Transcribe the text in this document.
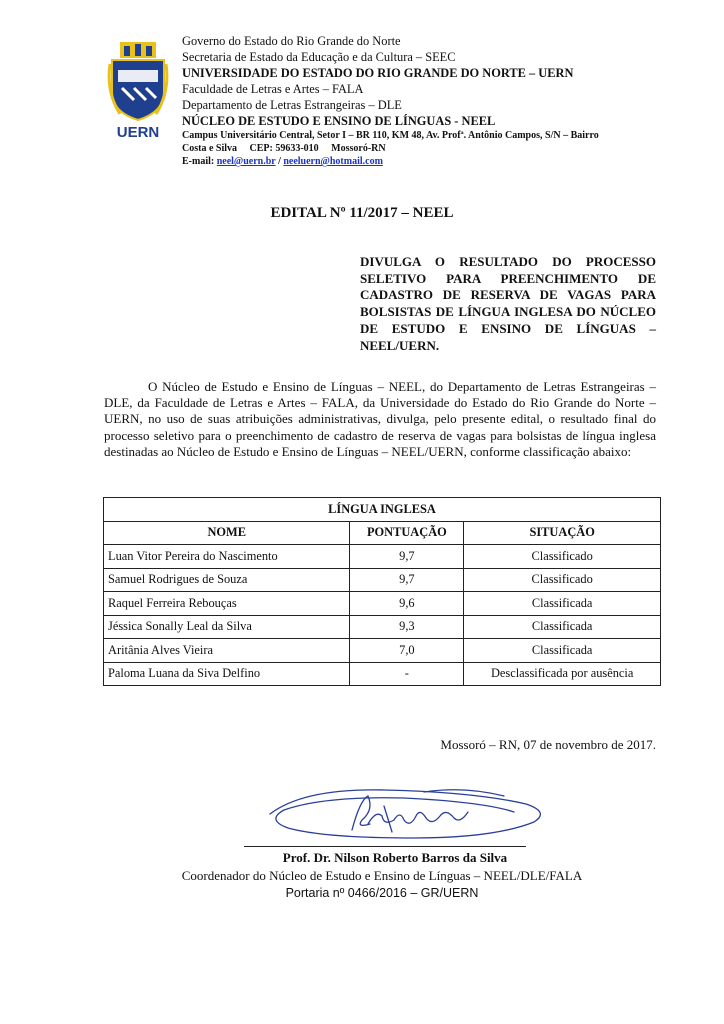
UERN
Governo do Estado do Rio Grande do Norte
Secretaria de Estado da Educação e da Cultura – SEEC
UNIVERSIDADE DO ESTADO DO RIO GRANDE DO NORTE – UERN
Faculdade de Letras e Artes – FALA
Departamento de Letras Estrangeiras – DLE
NÚCLEO DE ESTUDO E ENSINO DE LÍNGUAS - NEEL
Campus Universitário Central, Setor I – BR 110, KM 48, Av. Profª. Antônio Campos, S/N – Bairro
Costa e Silva     CEP: 59633-010     Mossoró-RN
E-mail: neel@uern.br / neeluern@hotmail.com
EDITAL Nº 11/2017 – NEEL
DIVULGA O RESULTADO DO PROCESSO SELETIVO PARA PREENCHIMENTO DE CADASTRO DE RESERVA DE VAGAS PARA BOLSISTAS DE LÍNGUA INGLESA DO NÚCLEO DE ESTUDO E ENSINO DE LÍNGUAS – NEEL/UERN.
O Núcleo de Estudo e Ensino de Línguas – NEEL, do Departamento de Letras Estrangeiras – DLE, da Faculdade de Letras e Artes – FALA, da Universidade do Estado do Rio Grande do Norte – UERN, no uso de suas atribuições administrativas, divulga, pelo presente edital, o resultado final do processo seletivo para o preenchimento de cadastro de reserva de vagas para bolsistas de língua inglesa destinadas ao Núcleo de Estudo e Ensino de Línguas – NEEL/UERN, conforme classificação abaixo:
LÍNGUA INGLESA		
NOME	PONTUAÇÃO	SITUAÇÃO
Luan Vitor Pereira do Nascimento	9,7	Classificado
Samuel Rodrigues de Souza	9,7	Classificado
Raquel Ferreira Rebouças	9,6	Classificada
Jéssica Sonally Leal da Silva	9,3	Classificada
Aritânia Alves Vieira	7,0	Classificada
Paloma Luana da Siva Delfino	-	Desclassificada por ausência
Mossoró – RN, 07 de novembro de 2017.
Prof. Dr. Nilson Roberto Barros da Silva
Coordenador do Núcleo de Estudo e Ensino de Línguas – NEEL/DLE/FALA
Portaria nº 0466/2016 – GR/UERN
